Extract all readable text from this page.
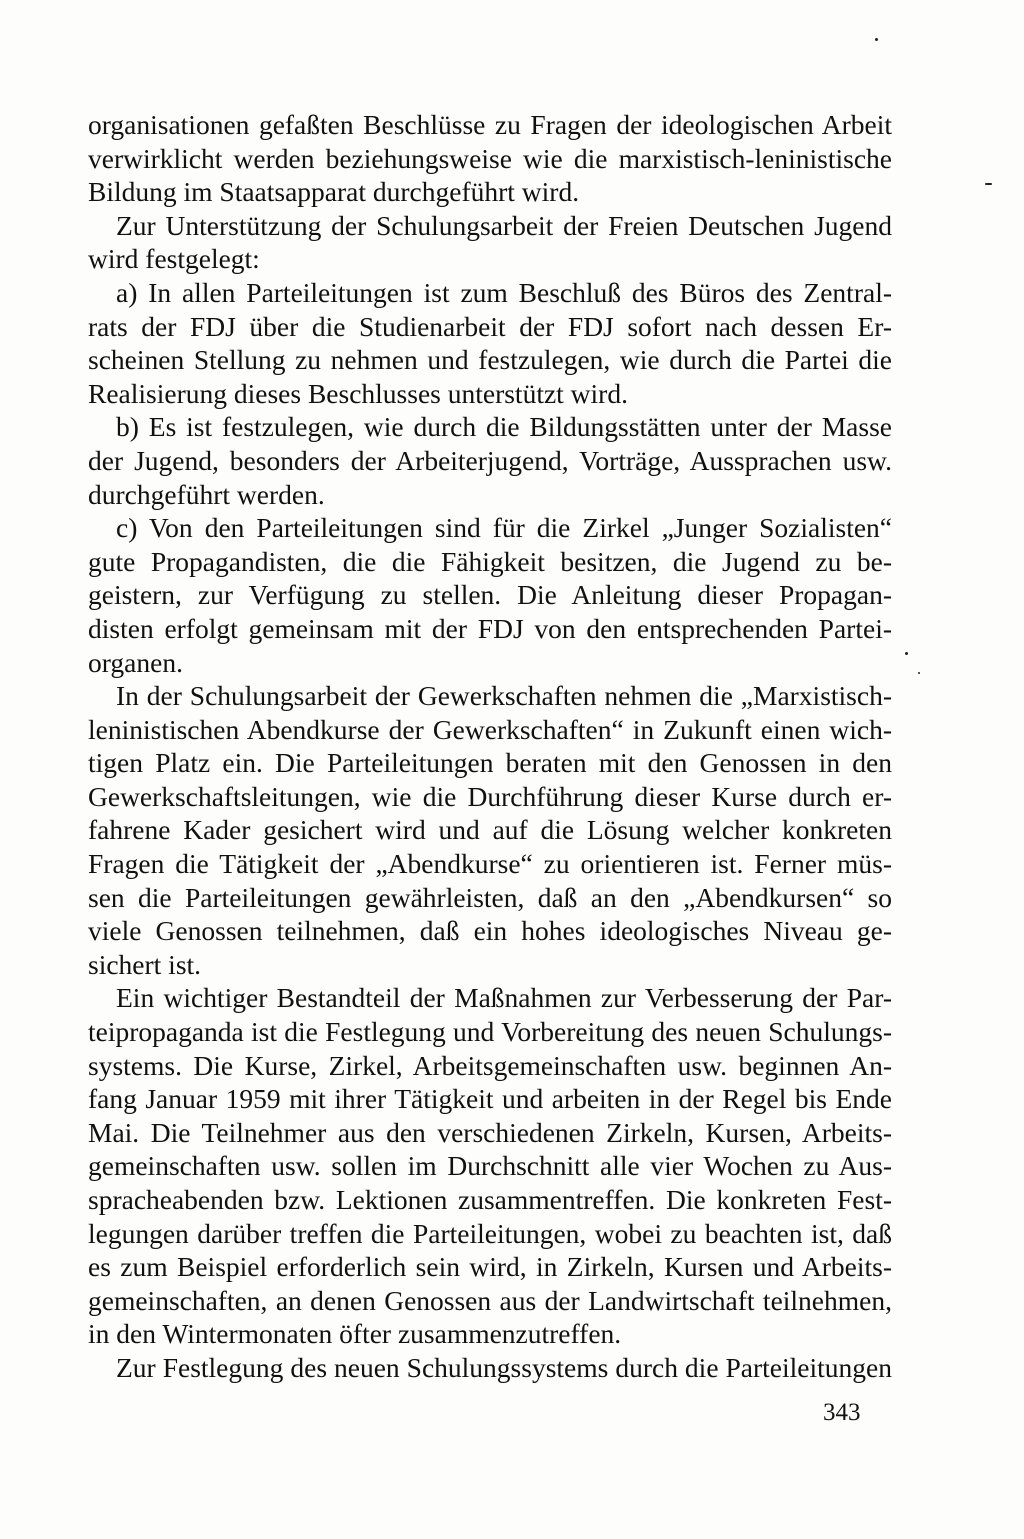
organisationen gefaßten Beschlüsse zu Fragen der ideologischen Arbeit
verwirklicht werden beziehungsweise wie die marxistisch-leninistische
Bildung im Staatsapparat durchgeführt wird.
Zur Unterstützung der Schulungsarbeit der Freien Deutschen Jugend
wird festgelegt:
a) In allen Parteileitungen ist zum Beschluß des Büros des Zentral-
rats der FDJ über die Studienarbeit der FDJ sofort nach dessen Er-
scheinen Stellung zu nehmen und festzulegen, wie durch die Partei die
Realisierung dieses Beschlusses unterstützt wird.
b) Es ist festzulegen, wie durch die Bildungsstätten unter der Masse
der Jugend, besonders der Arbeiterjugend, Vorträge, Aussprachen usw.
durchgeführt werden.
c) Von den Parteileitungen sind für die Zirkel „Junger Sozialisten“
gute Propagandisten, die die Fähigkeit besitzen, die Jugend zu be-
geistern, zur Verfügung zu stellen. Die Anleitung dieser Propagan-
disten erfolgt gemeinsam mit der FDJ von den entsprechenden Partei-
organen.
In der Schulungsarbeit der Gewerkschaften nehmen die „Marxistisch-
leninistischen Abendkurse der Gewerkschaften“ in Zukunft einen wich-
tigen Platz ein. Die Parteileitungen beraten mit den Genossen in den
Gewerkschaftsleitungen, wie die Durchführung dieser Kurse durch er-
fahrene Kader gesichert wird und auf die Lösung welcher konkreten
Fragen die Tätigkeit der „Abendkurse“ zu orientieren ist. Ferner müs-
sen die Parteileitungen gewährleisten, daß an den „Abendkursen“ so
viele Genossen teilnehmen, daß ein hohes ideologisches Niveau ge-
sichert ist.
Ein wichtiger Bestandteil der Maßnahmen zur Verbesserung der Par-
teipropaganda ist die Festlegung und Vorbereitung des neuen Schulungs-
systems. Die Kurse, Zirkel, Arbeitsgemeinschaften usw. beginnen An-
fang Januar 1959 mit ihrer Tätigkeit und arbeiten in der Regel bis Ende
Mai. Die Teilnehmer aus den verschiedenen Zirkeln, Kursen, Arbeits-
gemeinschaften usw. sollen im Durchschnitt alle vier Wochen zu Aus-
spracheabenden bzw. Lektionen zusammentreffen. Die konkreten Fest-
legungen darüber treffen die Parteileitungen, wobei zu beachten ist, daß
es zum Beispiel erforderlich sein wird, in Zirkeln, Kursen und Arbeits-
gemeinschaften, an denen Genossen aus der Landwirtschaft teilnehmen,
in den Wintermonaten öfter zusammenzutreffen.
Zur Festlegung des neuen Schulungssystems durch die Parteileitungen
343
